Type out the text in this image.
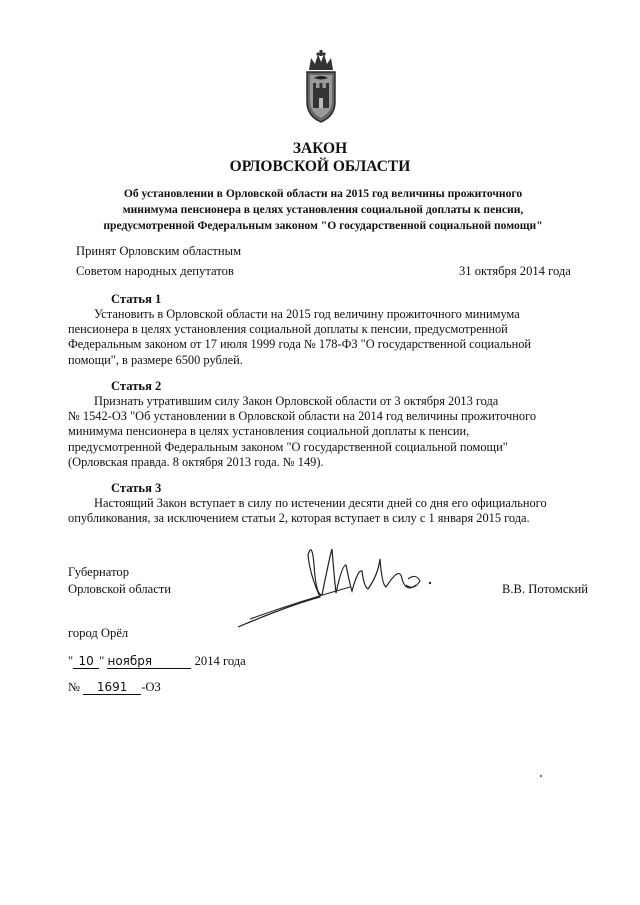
ЗАКОН
ОРЛОВСКОЙ ОБЛАСТИ
Об установлении в Орловской области на 2015 год величины прожиточного
минимума пенсионера в целях установления социальной доплаты к пенсии,
предусмотренной Федеральным законом "О государственной социальной помощи"
Принят Орловским областным
Советом народных депутатов	31 октября 2014 года
Статья 1
Установить в Орловской области на 2015 год величину прожиточного минимума
пенсионера в целях установления социальной доплаты к пенсии, предусмотренной
Федеральным законом от 17 июля 1999 года № 178-ФЗ "О государственной социальной
помощи", в размере 6500 рублей.
Статья 2
Признать утратившим силу Закон Орловской области от 3 октября 2013 года
№ 1542-ОЗ "Об установлении в Орловской области на 2014 год величины прожиточного
минимума пенсионера в целях установления социальной доплаты к пенсии,
предусмотренной Федеральным законом "О государственной социальной помощи"
(Орловская правда. 8 октября 2013 года. № 149).
Статья 3
Настоящий Закон вступает в силу по истечении десяти дней со дня его официального
опубликования, за исключением статьи 2, которая вступает в силу с 1 января 2015 года.
Губернатор
Орловской области	В.В. Потомский
город Орёл
" 10 " ноября	2014 года
№ 1691 -ОЗ
